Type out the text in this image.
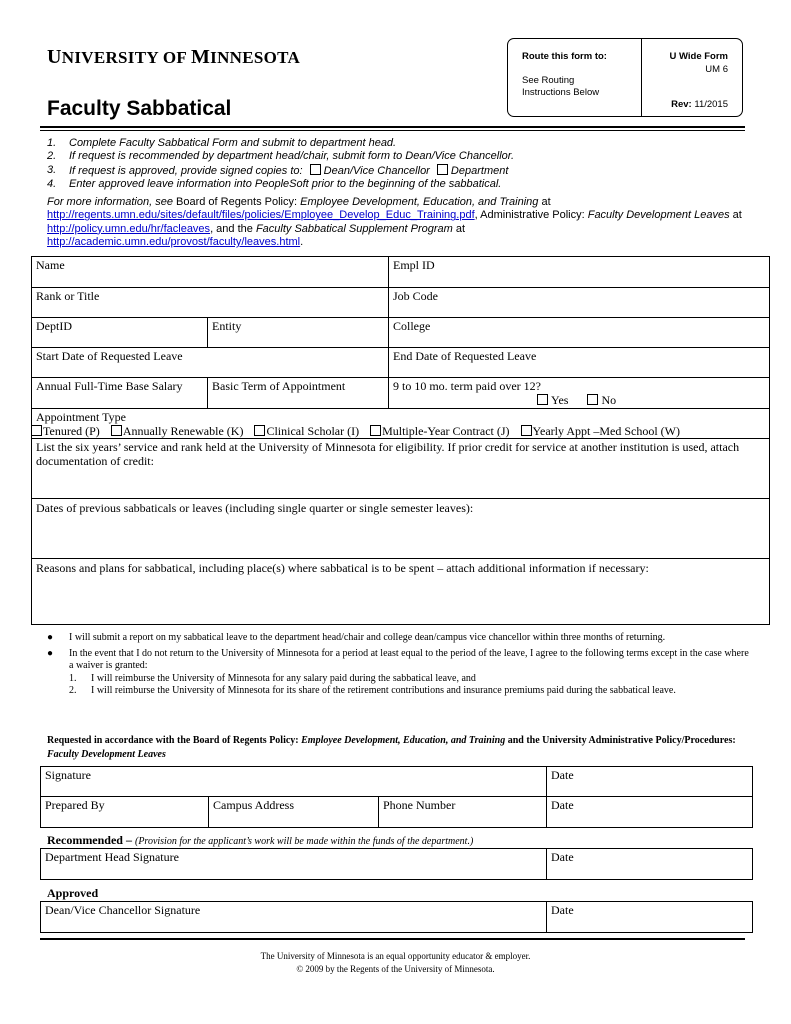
UNIVERSITY OF MINNESOTA
Faculty Sabbatical
Route this form to:
See Routing
Instructions Below
U Wide Form
UM 6
Rev: 11/2015
1. Complete Faculty Sabbatical Form and submit to department head.
2. If request is recommended by department head/chair, submit form to Dean/Vice Chancellor.
3. If request is approved, provide signed copies to: Dean/Vice Chancellor Department
4. Enter approved leave information into PeopleSoft prior to the beginning of the sabbatical.
For more information, see Board of Regents Policy: Employee Development, Education, and Training at
http://regents.umn.edu/sites/default/files/policies/Employee_Develop_Educ_Training.pdf, Administrative Policy: Faculty Development Leaves at http://policy.umn.edu/hr/facleaves, and the Faculty Sabbatical Supplement Program at
http://academic.umn.edu/provost/faculty/leaves.html.
Name		Empl ID
Rank or Title		Job Code
DeptID	Entity	College
Start Date of Requested Leave		End Date of Requested Leave
Annual Full-Time Base Salary	Basic Term of Appointment	9 to 10 mo. term paid over 12?
Yes No

Appointment Type
Tenured (P) Annually Renewable (K) Clinical Scholar (I) Multiple-Year Contract (J) Yearly Appt –Med School (W)		

List the six years’ service and rank held at the University of Minnesota for eligibility. If prior credit for service at another institution is used, attach documentation of credit:		
Dates of previous sabbaticals or leaves (including single quarter or single semester leaves):		
Reasons and plans for sabbatical, including place(s) where sabbatical is to be spent – attach additional information if necessary:		
● I will submit a report on my sabbatical leave to the department head/chair and college dean/campus vice chancellor within three months of returning.
● In the event that I do not return to the University of Minnesota for a period at least equal to the period of the leave, I agree to the following terms except in the case where a waiver is granted:
1. I will reimburse the University of Minnesota for any salary paid during the sabbatical leave, and
2. I will reimburse the University of Minnesota for its share of the retirement contributions and insurance premiums paid during the sabbatical leave.
Requested in accordance with the Board of Regents Policy: Employee Development, Education, and Training and the University Administrative Policy/Procedures: Faculty Development Leaves
Signature			Date
Prepared By	Campus Address	Phone Number	Date
Recommended – (Provision for the applicant’s work will be made within the funds of the department.)
Department Head Signature	Date
Approved
Dean/Vice Chancellor Signature	Date
The University of Minnesota is an equal opportunity educator & employer.
© 2009 by the Regents of the University of Minnesota.
